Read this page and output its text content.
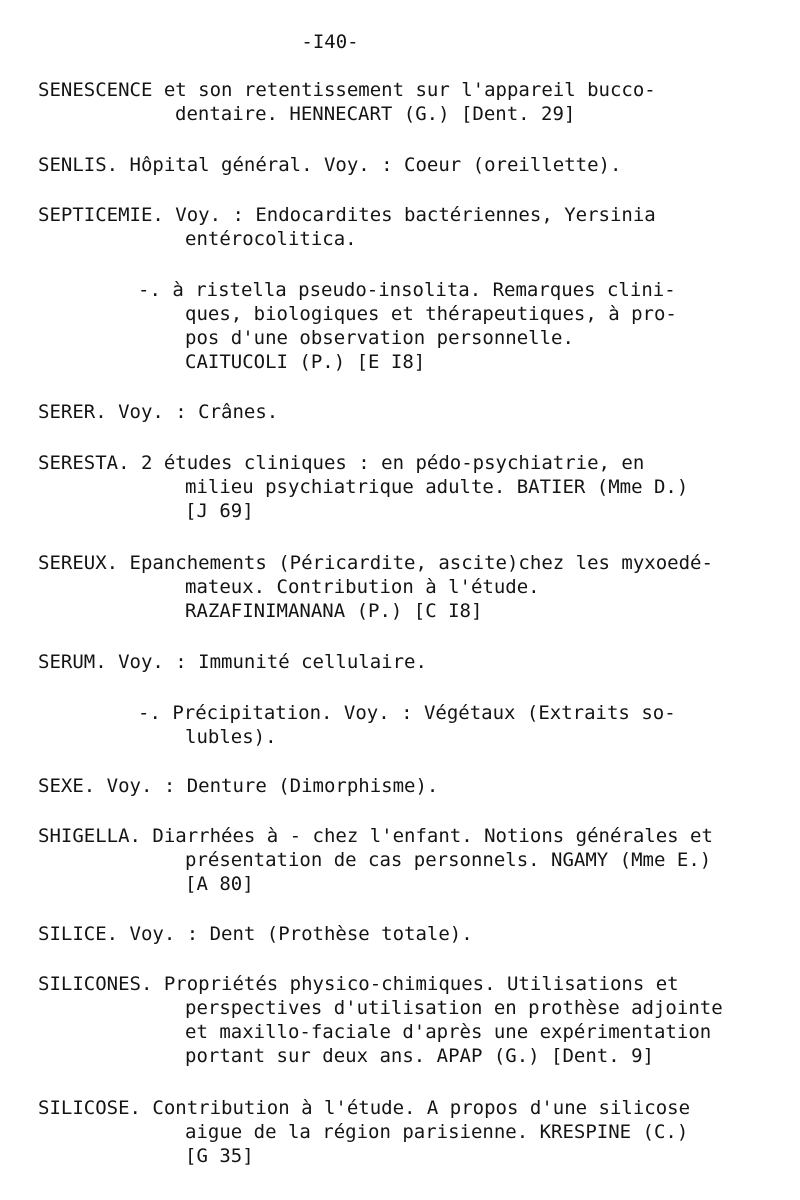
-I40-
SENESCENCE et son retentissement sur l'appareil bucco-
dentaire. HENNECART (G.) [Dent. 29]
SENLIS. Hôpital général. Voy. : Coeur (oreillette).
SEPTICEMIE. Voy. : Endocardites bactériennes, Yersinia
entérocolitica.
-. à ristella pseudo-insolita. Remarques clini-
ques, biologiques et thérapeutiques, à pro-
pos d'une observation personnelle.
CAITUCOLI (P.) [E I8]
SERER. Voy. : Crânes.
SERESTA. 2 études cliniques : en pédo-psychiatrie, en
milieu psychiatrique adulte. BATIER (Mme D.)
[J 69]
SEREUX. Epanchements (Péricardite, ascite)chez les myxoedé-
mateux. Contribution à l'étude.
RAZAFINIMANANA (P.) [C I8]
SERUM. Voy. : Immunité cellulaire.
-. Précipitation. Voy. : Végétaux (Extraits so-
lubles).
SEXE. Voy. : Denture (Dimorphisme).
SHIGELLA. Diarrhées à - chez l'enfant. Notions générales et
présentation de cas personnels. NGAMY (Mme E.)
[A 80]
SILICE. Voy. : Dent (Prothèse totale).
SILICONES. Propriétés physico-chimiques. Utilisations et
perspectives d'utilisation en prothèse adjointe
et maxillo-faciale d'après une expérimentation
portant sur deux ans. APAP (G.) [Dent. 9]
SILICOSE. Contribution à l'étude. A propos d'une silicose
aigue de la région parisienne. KRESPINE (C.)
[G 35]
